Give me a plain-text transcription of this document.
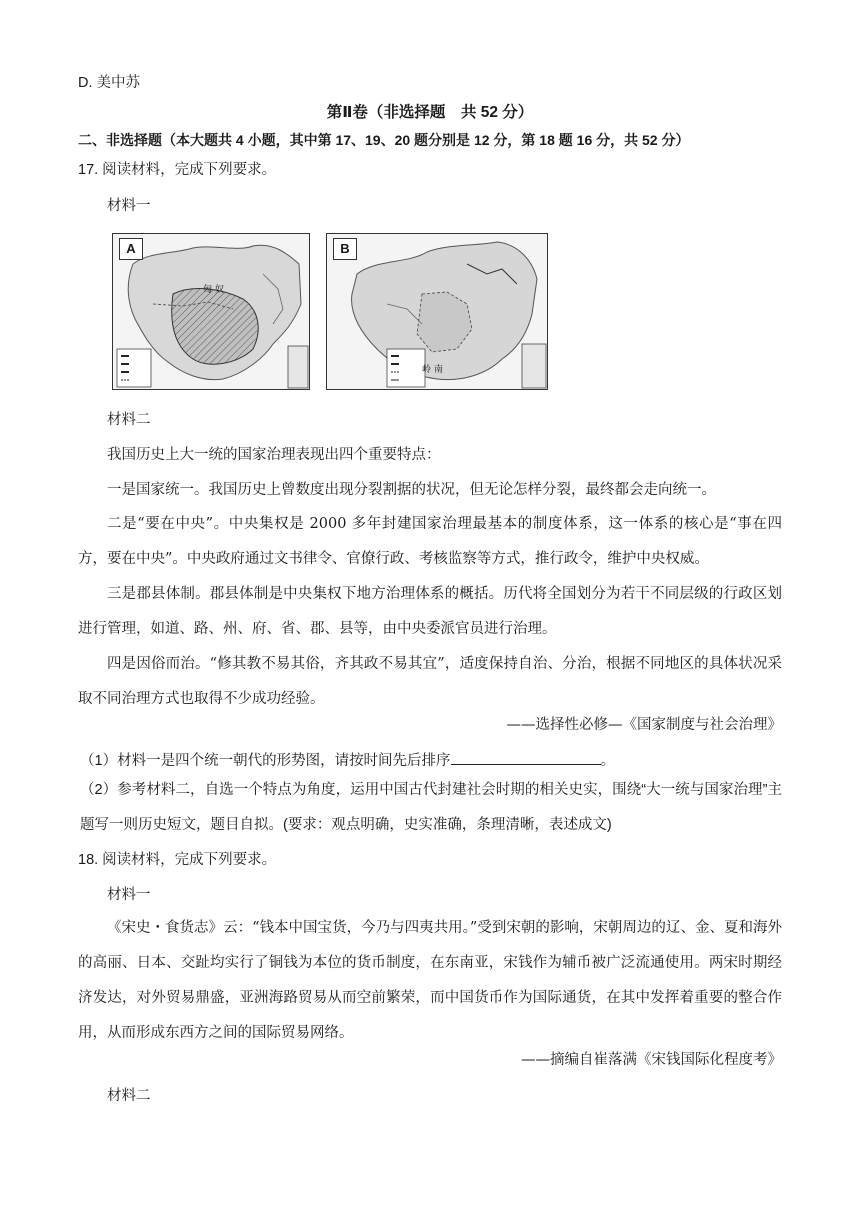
D. 美中苏
第Ⅱ卷（非选择题　共 52 分）
二、非选择题（本大题共 4 小题，其中第 17、19、20 题分别是 12 分，第 18 题 16 分，共 52 分）
17. 阅读材料，完成下列要求。
材料一
A
匈 奴
B
岭 南
材料二
我国历史上大一统的国家治理表现出四个重要特点：
一是国家统一。我国历史上曾数度出现分裂割据的状况，但无论怎样分裂，最终都会走向统一。
二是“要在中央”。中央集权是 2000 多年封建国家治理最基本的制度体系，这一体系的核心是“事在四方，要在中央”。中央政府通过文书律令、官僚行政、考核监察等方式，推行政令，维护中央权威。
三是郡县体制。郡县体制是中央集权下地方治理体系的概括。历代将全国划分为若干不同层级的行政区划进行管理，如道、路、州、府、省、郡、县等，由中央委派官员进行治理。
四是因俗而治。“修其教不易其俗，齐其政不易其宜”，适度保持自治、分治，根据不同地区的具体状况采取不同治理方式也取得不少成功经验。
——选择性必修—《国家制度与社会治理》
（1）材料一是四个统一朝代的形势图，请按时间先后排序	。
（2）参考材料二，自选一个特点为角度，运用中国古代封建社会时期的相关史实，围绕“大一统与国家治理”主题写一则历史短文，题目自拟。(要求：观点明确，史实准确，条理清晰，表述成文)
18. 阅读材料，完成下列要求。
材料一
《宋史・食货志》云：“钱本中国宝货，今乃与四夷共用。”受到宋朝的影响，宋朝周边的辽、金、夏和海外的高丽、日本、交趾均实行了铜钱为本位的货币制度，在东南亚，宋钱作为辅币被广泛流通使用。两宋时期经济发达，对外贸易鼎盛，亚洲海路贸易从而空前繁荣，而中国货币作为国际通货，在其中发挥着重要的整合作用，从而形成东西方之间的国际贸易网络。
——摘编自崔落满《宋钱国际化程度考》
材料二
